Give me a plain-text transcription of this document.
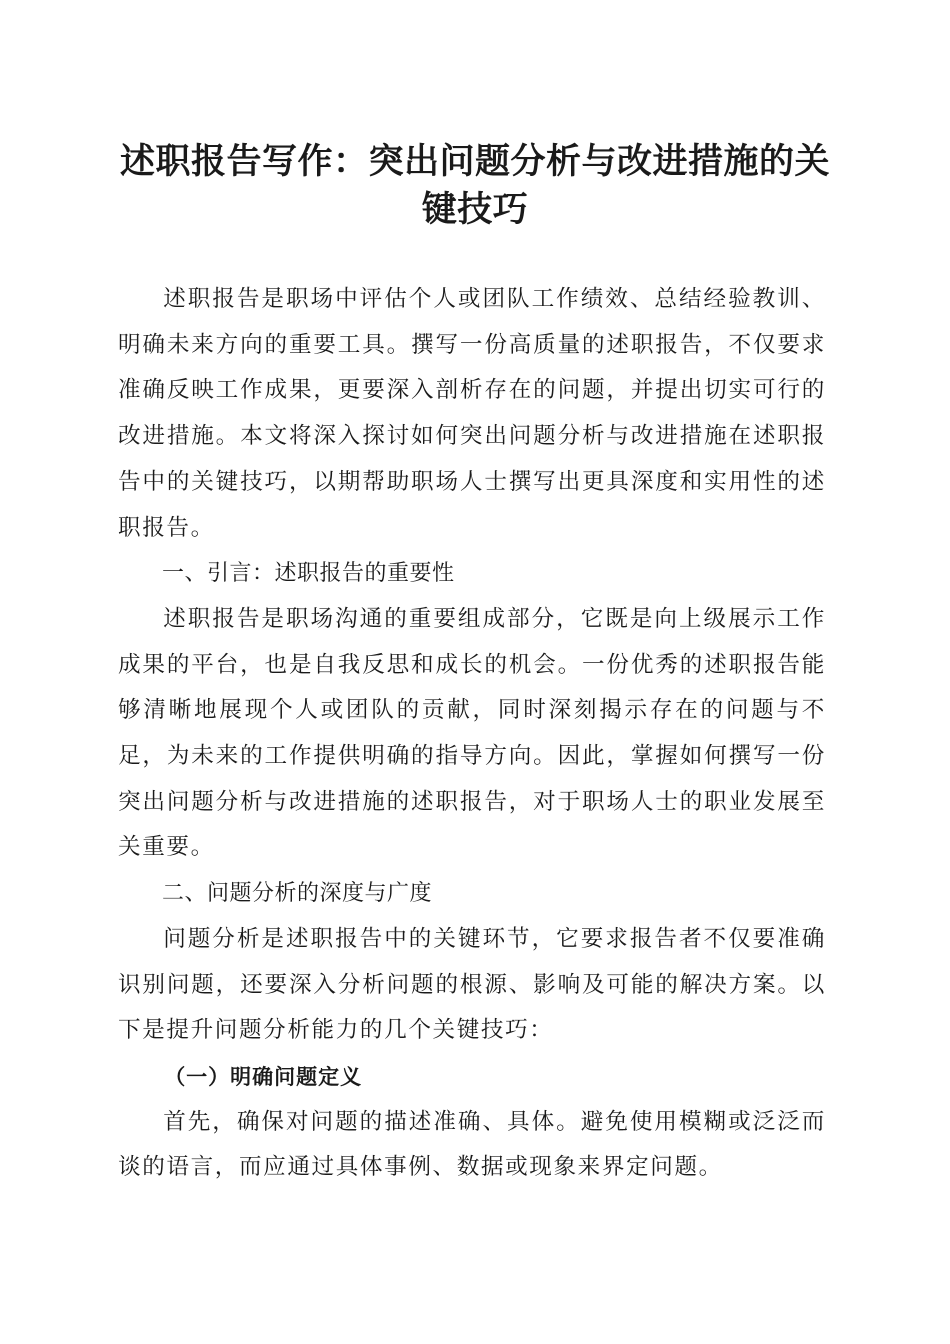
述职报告写作：突出问题分析与改进措施的关键技巧

述职报告是职场中评估个人或团队工作绩效、总结经验教训、明确未来方向的重要工具。撰写一份高质量的述职报告，不仅要求准确反映工作成果，更要深入剖析存在的问题，并提出切实可行的改进措施。本文将深入探讨如何突出问题分析与改进措施在述职报告中的关键技巧，以期帮助职场人士撰写出更具深度和实用性的述职报告。

一、引言：述职报告的重要性

述职报告是职场沟通的重要组成部分，它既是向上级展示工作成果的平台，也是自我反思和成长的机会。一份优秀的述职报告能够清晰地展现个人或团队的贡献，同时深刻揭示存在的问题与不足，为未来的工作提供明确的指导方向。因此，掌握如何撰写一份突出问题分析与改进措施的述职报告，对于职场人士的职业发展至关重要。

二、问题分析的深度与广度

问题分析是述职报告中的关键环节，它要求报告者不仅要准确识别问题，还要深入分析问题的根源、影响及可能的解决方案。以下是提升问题分析能力的几个关键技巧：

（一）明确问题定义

首先，确保对问题的描述准确、具体。避免使用模糊或泛泛而谈的语言，而应通过具体事例、数据或现象来界定问题。
